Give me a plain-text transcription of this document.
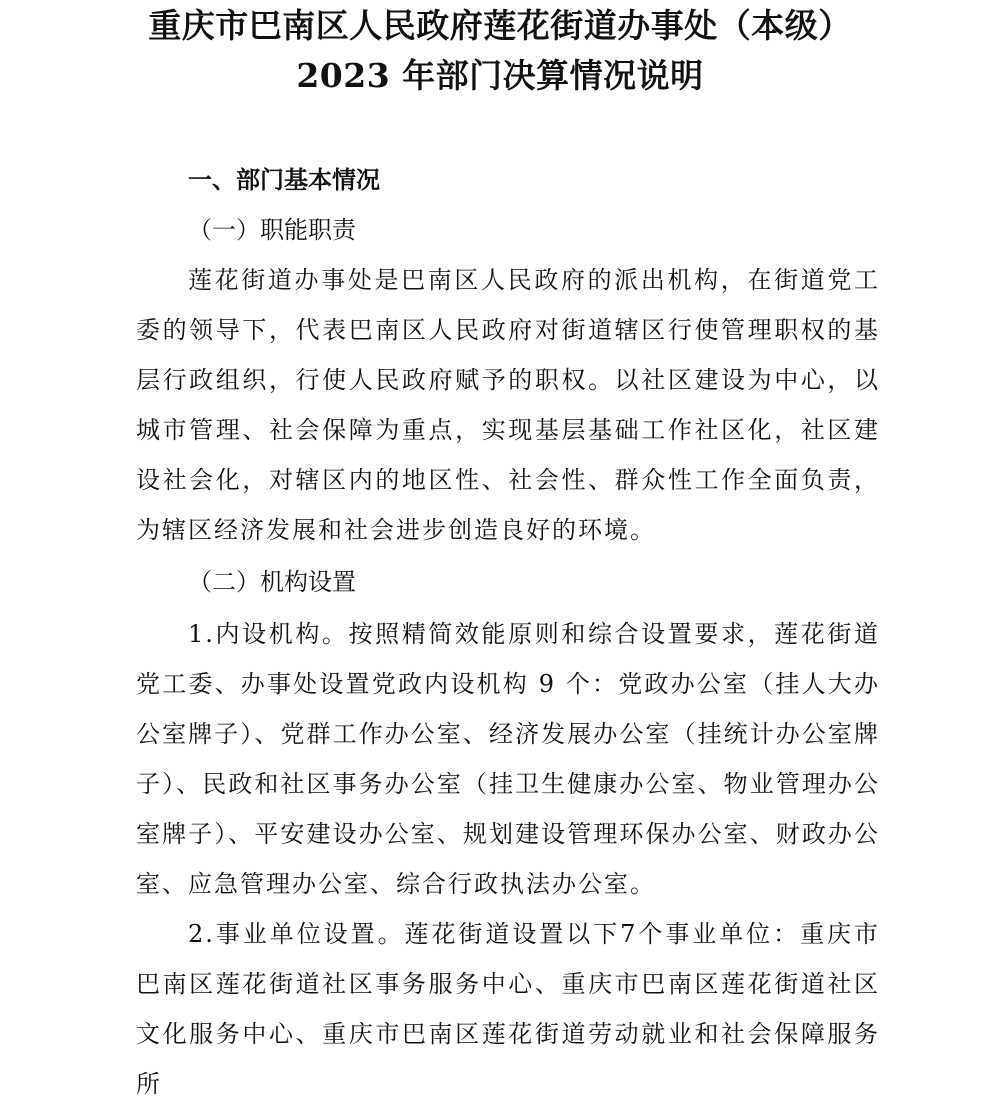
重庆市巴南区人民政府莲花街道办事处（本级）
2023 年部门决算情况说明
一、部门基本情况
（一）职能职责

莲花街道办事处是巴南区人民政府的派出机构，在街道党工委的领导下，代表巴南区人民政府对街道辖区行使管理职权的基层行政组织，行使人民政府赋予的职权。以社区建设为中心，以城市管理、社会保障为重点，实现基层基础工作社区化，社区建设社会化，对辖区内的地区性、社会性、群众性工作全面负责，为辖区经济发展和社会进步创造良好的环境。

（二）机构设置

1.内设机构。按照精简效能原则和综合设置要求，莲花街道党工委、办事处设置党政内设机构 9 个：党政办公室（挂人大办公室牌子）、党群工作办公室、经济发展办公室（挂统计办公室牌子）、民政和社区事务办公室（挂卫生健康办公室、物业管理办公室牌子）、平安建设办公室、规划建设管理环保办公室、财政办公室、应急管理办公室、综合行政执法办公室。

2.事业单位设置。莲花街道设置以下7个事业单位：重庆市巴南区莲花街道社区事务服务中心、重庆市巴南区莲花街道社区文化服务中心、重庆市巴南区莲花街道劳动就业和社会保障服务所
